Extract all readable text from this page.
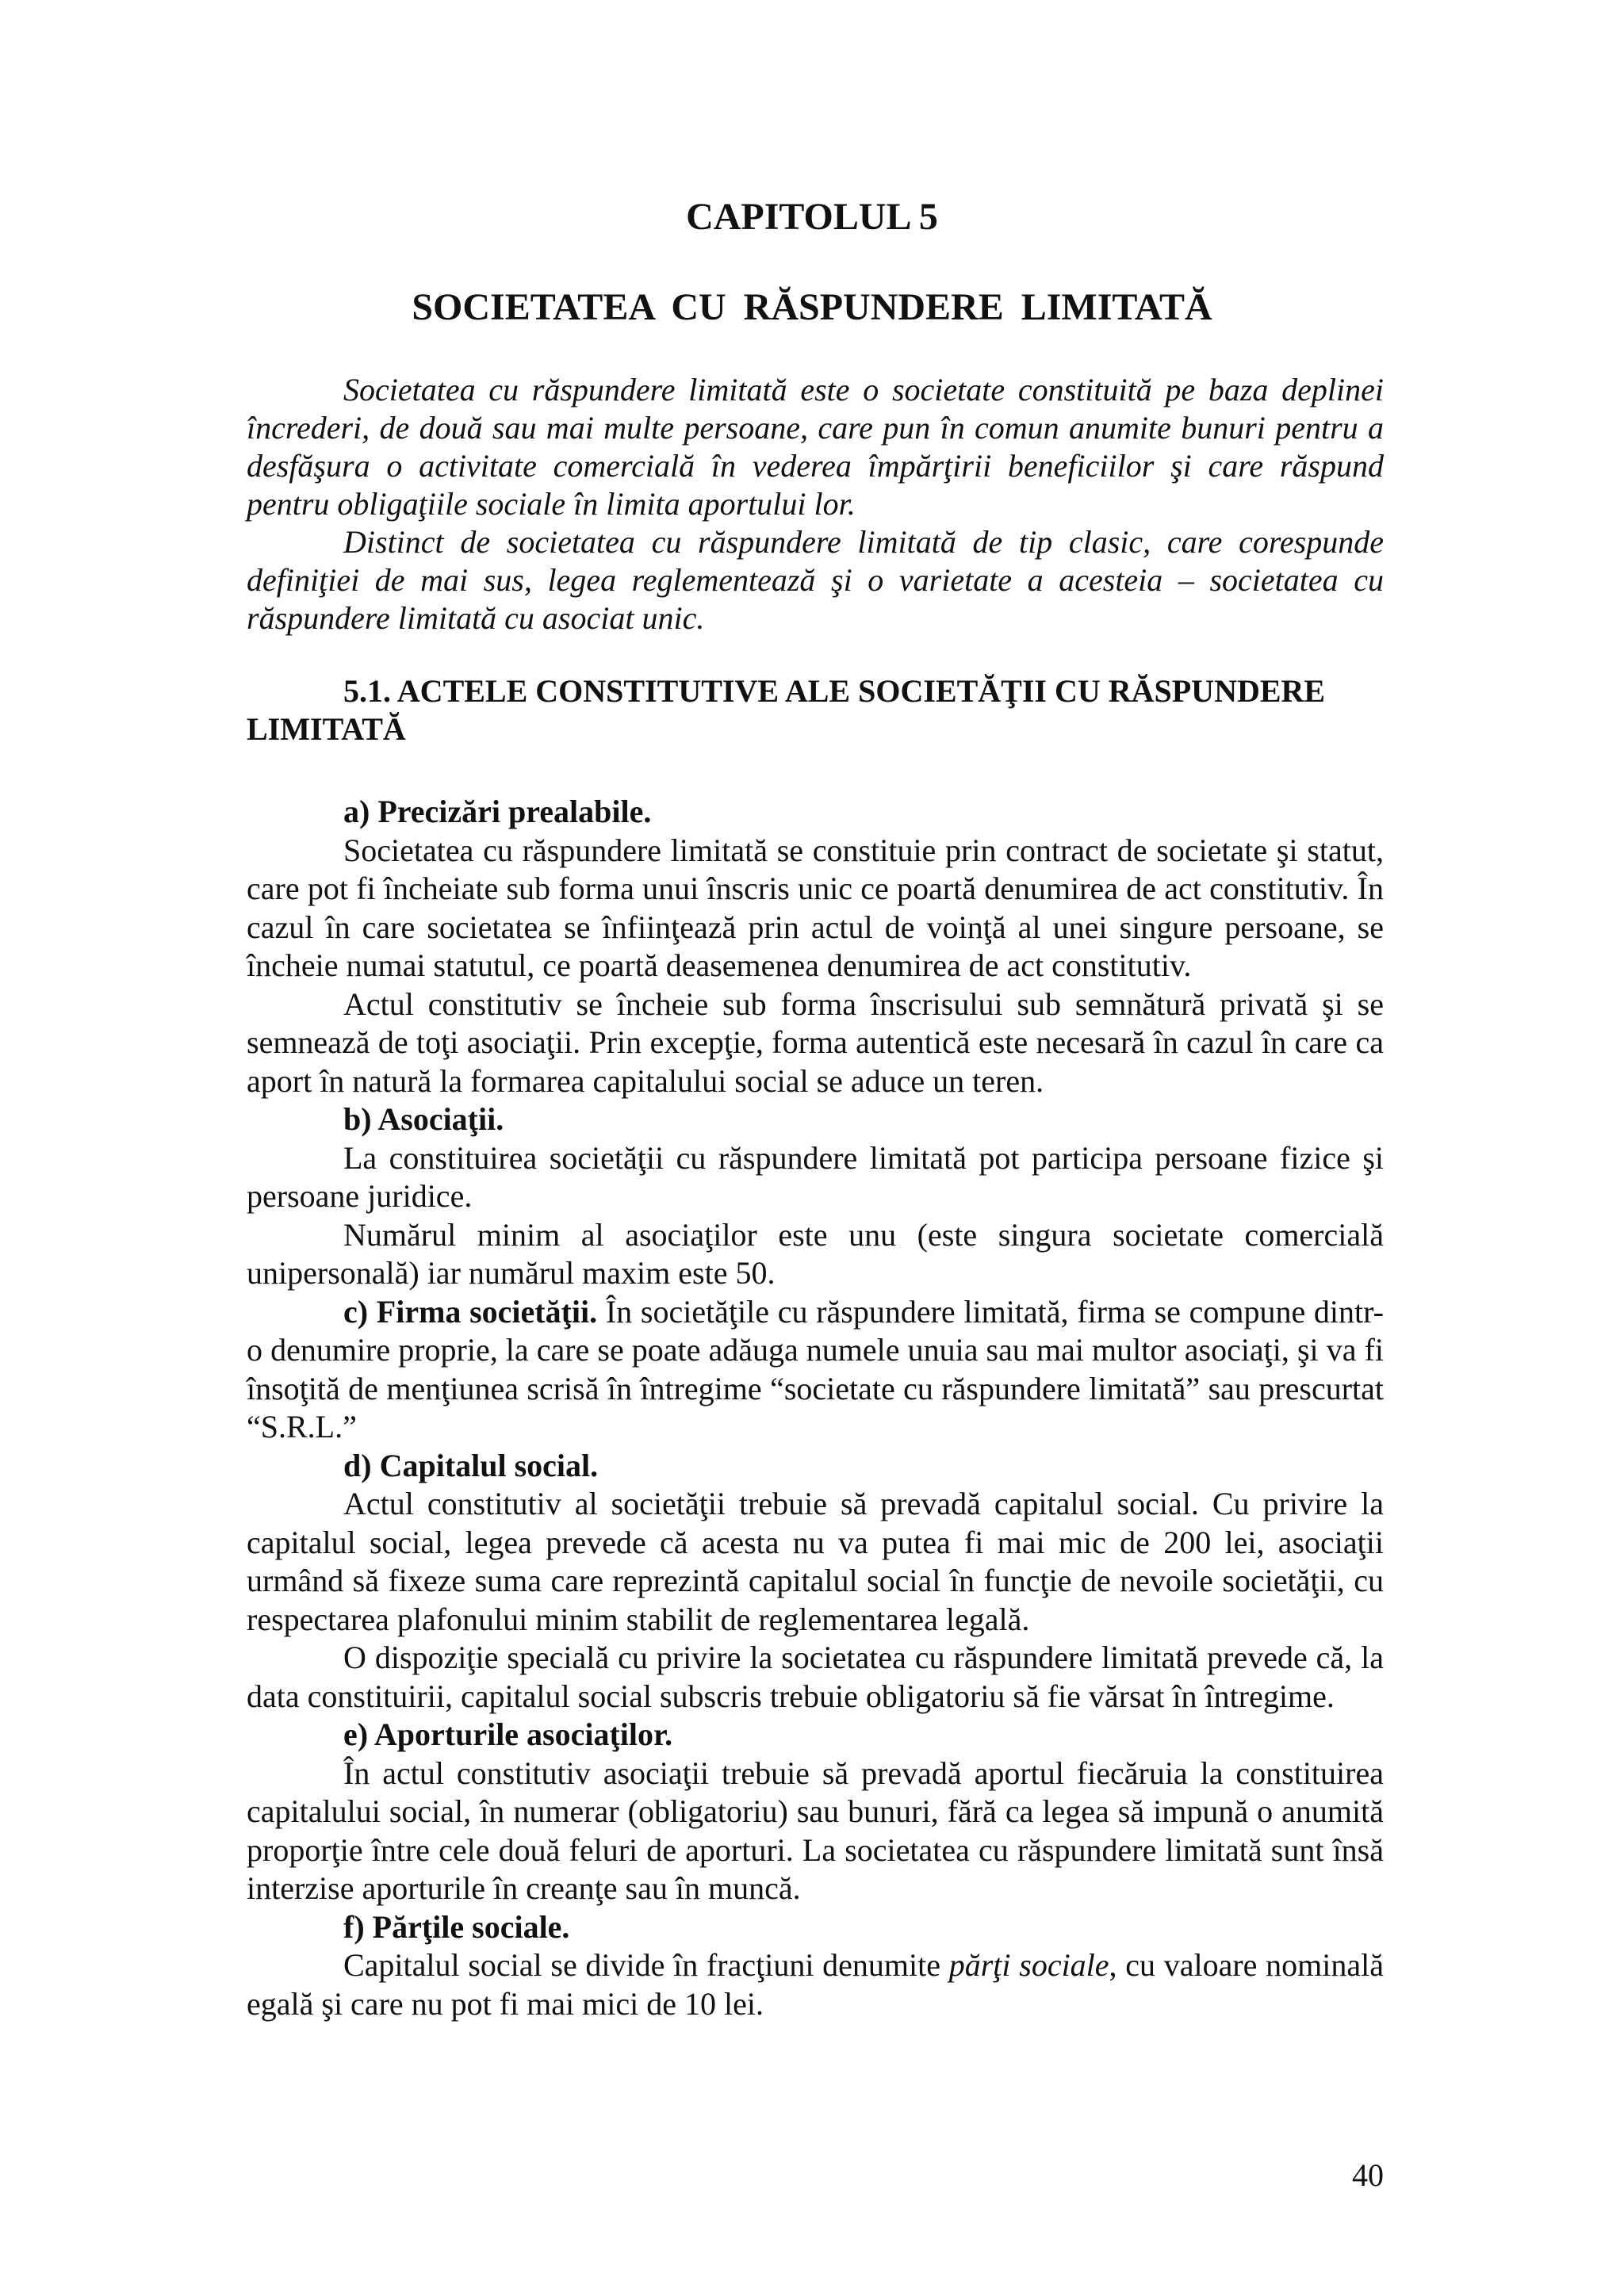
CAPITOLUL 5
SOCIETATEA CU RĂSPUNDERE LIMITATĂ

Societatea cu răspundere limitată este o societate constituită pe baza deplinei încrederi, de două sau mai multe persoane, care pun în comun anumite bunuri pentru a desfăşura o activitate comercială în vederea împărţirii beneficiilor şi care răspund pentru obligaţiile sociale în limita aportului lor.

Distinct de societatea cu răspundere limitată de tip clasic, care corespunde definiţiei de mai sus, legea reglementează şi o varietate a acesteia – societatea cu răspundere limitată cu asociat unic.

5.1. ACTELE CONSTITUTIVE ALE SOCIETĂŢII CU RĂSPUNDERE LIMITATĂ

a) Precizări prealabile.

Societatea cu răspundere limitată se constituie prin contract de societate şi statut, care pot fi încheiate sub forma unui înscris unic ce poartă denumirea de act constitutiv. În cazul în care societatea se înfiinţează prin actul de voinţă al unei singure persoane, se încheie numai statutul, ce poartă deasemenea denumirea de act constitutiv.

Actul constitutiv se încheie sub forma înscrisului sub semnătură privată şi se semnează de toţi asociaţii. Prin excepţie, forma autentică este necesară în cazul în care ca aport în natură la formarea capitalului social se aduce un teren.

b) Asociaţii.

La constituirea societăţii cu răspundere limitată pot participa persoane fizice şi persoane juridice.

Numărul minim al asociaţilor este unu (este singura societate comercială unipersonală) iar numărul maxim este 50.

c) Firma societăţii. În societăţile cu răspundere limitată, firma se compune dintr-o denumire proprie, la care se poate adăuga numele unuia sau mai multor asociaţi, şi va fi însoţită de menţiunea scrisă în întregime “societate cu răspundere limitată” sau prescurtat “S.R.L.”

d) Capitalul social.

Actul constitutiv al societăţii trebuie să prevadă capitalul social. Cu privire la capitalul social, legea prevede că acesta nu va putea fi mai mic de 200 lei, asociaţii urmând să fixeze suma care reprezintă capitalul social în funcţie de nevoile societăţii, cu respectarea plafonului minim stabilit de reglementarea legală.

O dispoziţie specială cu privire la societatea cu răspundere limitată prevede că, la data constituirii, capitalul social subscris trebuie obligatoriu să fie vărsat în întregime.

e) Aporturile asociaţilor.

În actul constitutiv asociaţii trebuie să prevadă aportul fiecăruia la constituirea capitalului social, în numerar (obligatoriu) sau bunuri, fără ca legea să impună o anumită proporţie între cele două feluri de aporturi. La societatea cu răspundere limitată sunt însă interzise aporturile în creanţe sau în muncă.

f) Părţile sociale.

Capitalul social se divide în fracţiuni denumite părţi sociale, cu valoare nominală egală şi care nu pot fi mai mici de 10 lei.

40
